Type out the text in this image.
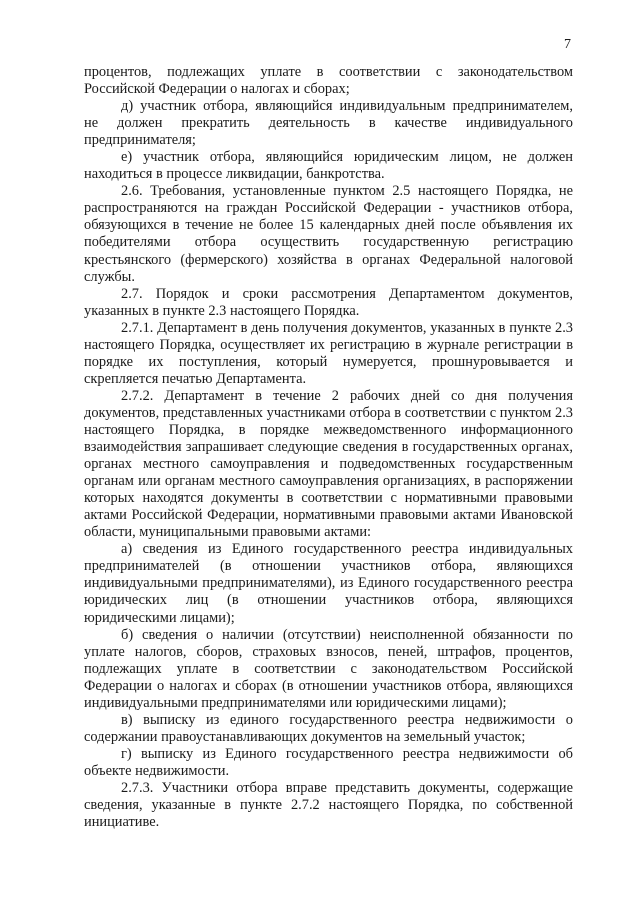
7

процентов, подлежащих уплате в соответствии с законодательством Российской Федерации о налогах и сборах;

д) участник отбора, являющийся индивидуальным предпринимателем, не должен прекратить деятельность в качестве индивидуального предпринимателя;

е) участник отбора, являющийся юридическим лицом, не должен находиться в процессе ликвидации, банкротства.

2.6. Требования, установленные пунктом 2.5 настоящего Порядка, не распространяются на граждан Российской Федерации - участников отбора, обязующихся в течение не более 15 календарных дней после объявления их победителями отбора осуществить государственную регистрацию крестьянского (фермерского) хозяйства в органах Федеральной налоговой службы.

2.7. Порядок и сроки рассмотрения Департаментом документов, указанных в пункте 2.3 настоящего Порядка.

2.7.1. Департамент в день получения документов, указанных в пункте 2.3 настоящего Порядка, осуществляет их регистрацию в журнале регистрации в порядке их поступления, который нумеруется, прошнуровывается и скрепляется печатью Департамента.

2.7.2. Департамент в течение 2 рабочих дней со дня получения документов, представленных участниками отбора в соответствии с пунктом 2.3 настоящего Порядка, в порядке межведомственного информационного взаимодействия запрашивает следующие сведения в государственных органах, органах местного самоуправления и подведомственных государственным органам или органам местного самоуправления организациях, в распоряжении которых находятся документы в соответствии с нормативными правовыми актами Российской Федерации, нормативными правовыми актами Ивановской области, муниципальными правовыми актами:

а) сведения из Единого государственного реестра индивидуальных предпринимателей (в отношении участников отбора, являющихся индивидуальными предпринимателями), из Единого государственного реестра юридических лиц (в отношении участников отбора, являющихся юридическими лицами);

б) сведения о наличии (отсутствии) неисполненной обязанности по уплате налогов, сборов, страховых взносов, пеней, штрафов, процентов, подлежащих уплате в соответствии с законодательством Российской Федерации о налогах и сборах (в отношении участников отбора, являющихся индивидуальными предпринимателями или юридическими лицами);

в) выписку из единого государственного реестра недвижимости о содержании правоустанавливающих документов на земельный участок;

г) выписку из Единого государственного реестра недвижимости об объекте недвижимости.

2.7.3. Участники отбора вправе представить документы, содержащие сведения, указанные в пункте 2.7.2 настоящего Порядка, по собственной инициативе.
